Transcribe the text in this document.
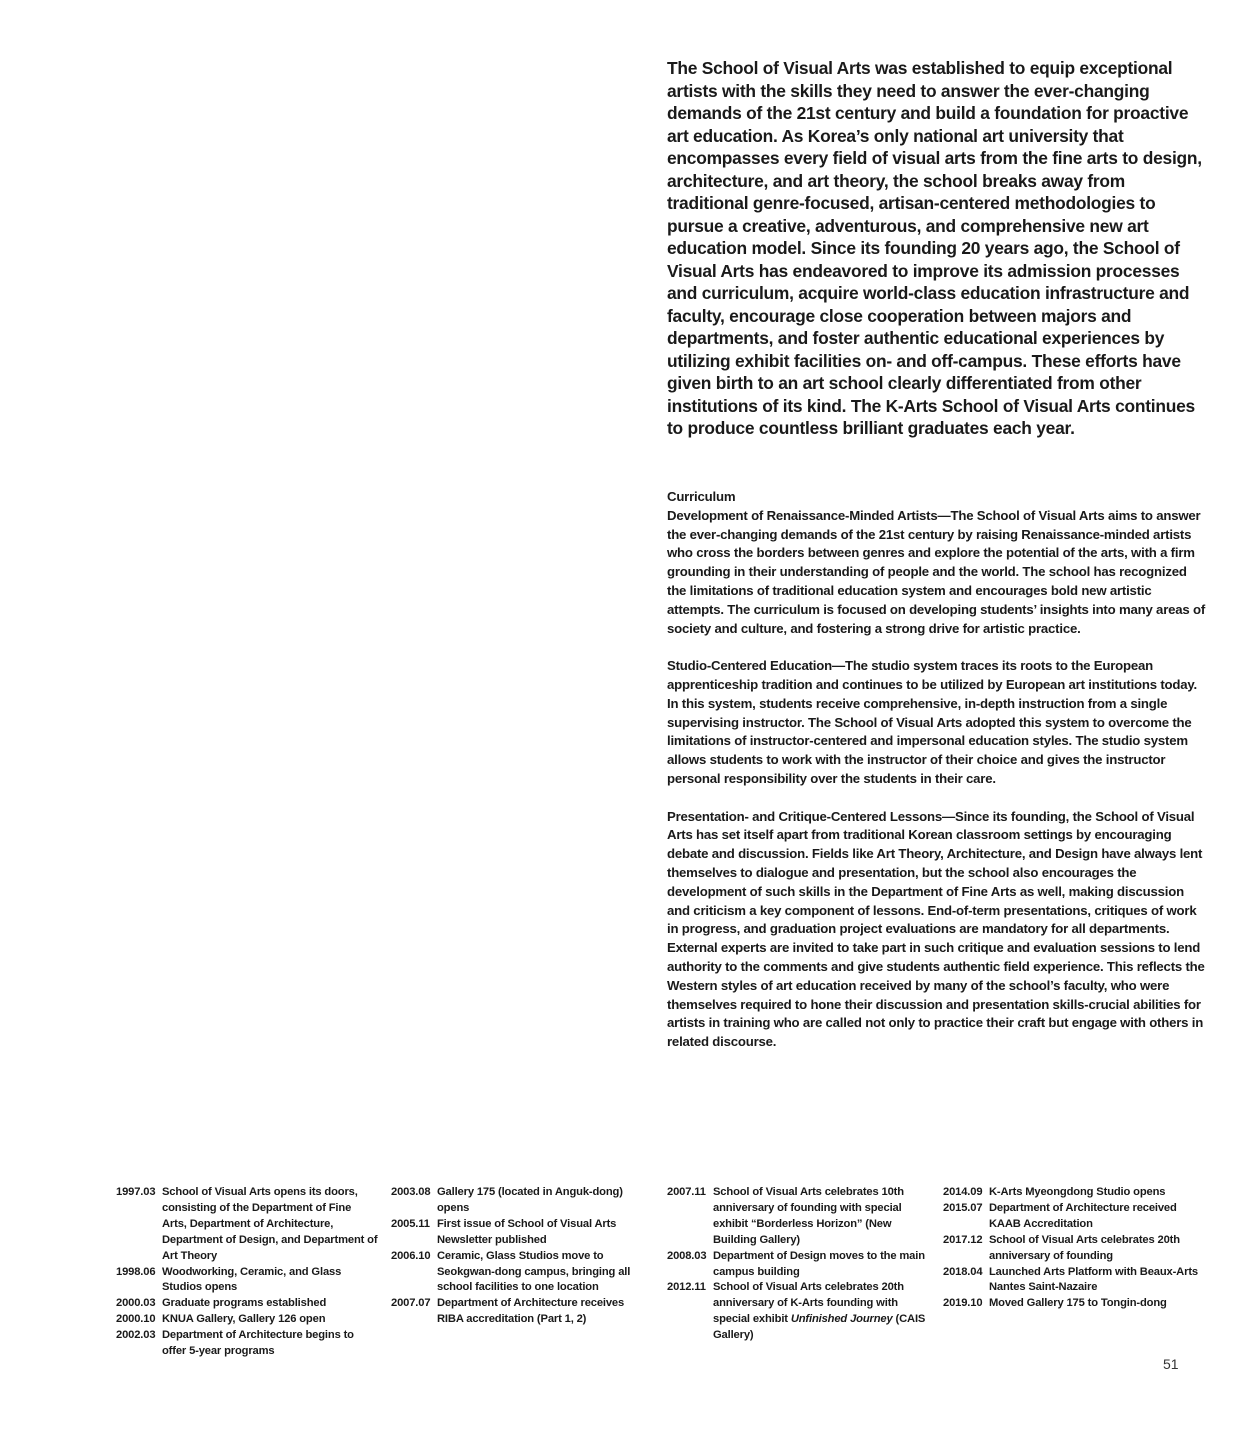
The School of Visual Arts was established to equip exceptional artists with the skills they need to answer the ever-changing demands of the 21st century and build a foundation for proactive art education. As Korea’s only national art university that encompasses every field of visual arts from the fine arts to design, architecture, and art theory, the school breaks away from traditional genre-focused, artisan-centered methodologies to pursue a creative, adventurous, and comprehensive new art education model. Since its founding 20 years ago, the School of Visual Arts has endeavored to improve its admission processes and curriculum, acquire world-class education infrastructure and faculty, encourage close cooperation between majors and departments, and foster authentic educational experiences by utilizing exhibit facilities on- and off-campus. These efforts have given birth to an art school clearly differentiated from other institutions of its kind. The K-Arts School of Visual Arts continues to produce countless brilliant graduates each year.

Curriculum

Development of Renaissance-Minded Artists—The School of Visual Arts aims to answer the ever-changing demands of the 21st century by raising Renaissance-minded artists who cross the borders between genres and explore the potential of the arts, with a firm grounding in their understanding of people and the world. The school has recognized the limitations of traditional education system and encourages bold new artistic attempts. The curriculum is focused on developing students’ insights into many areas of society and culture, and fostering a strong drive for artistic practice.

Studio-Centered Education—The studio system traces its roots to the European apprenticeship tradition and continues to be utilized by European art institutions today. In this system, students receive comprehensive, in-depth instruction from a single supervising instructor. The School of Visual Arts adopted this system to overcome the limitations of instructor-centered and impersonal education styles. The studio system allows students to work with the instructor of their choice and gives the instructor personal responsibility over the students in their care.

Presentation- and Critique-Centered Lessons—Since its founding, the School of Visual Arts has set itself apart from traditional Korean classroom settings by encouraging debate and discussion. Fields like Art Theory, Architecture, and Design have always lent themselves to dialogue and presentation, but the school also encourages the development of such skills in the Department of Fine Arts as well, making discussion and criticism a key component of lessons. End-of-term presentations, critiques of work in progress, and graduation project evaluations are mandatory for all departments. External experts are invited to take part in such critique and evaluation sessions to lend authority to the comments and give students authentic field experience. This reflects the Western styles of art education received by many of the school’s faculty, who were themselves required to hone their discussion and presentation skills-crucial abilities for artists in training who are called not only to practice their craft but engage with others in related discourse.

1997.03 School of Visual Arts opens its doors, consisting of the Department of Fine Arts, Department of Architecture, Department of Design, and Department of Art Theory
1998.06 Woodworking, Ceramic, and Glass Studios opens
2000.03 Graduate programs established
2000.10 KNUA Gallery, Gallery 126 open
2002.03 Department of Architecture begins to offer 5-year programs
2003.08 Gallery 175 (located in Anguk-dong) opens
2005.11 First issue of School of Visual Arts Newsletter published
2006.10 Ceramic, Glass Studios move to Seokgwan-dong campus, bringing all school facilities to one location
2007.07 Department of Architecture receives RIBA accreditation (Part 1, 2)
2007.11 School of Visual Arts celebrates 10th anniversary of founding with special exhibit “Borderless Horizon” (New Building Gallery)
2008.03 Department of Design moves to the main campus building
2012.11 School of Visual Arts celebrates 20th anniversary of K-Arts founding with special exhibit Unfinished Journey (CAIS Gallery)
2014.09 K-Arts Myeongdong Studio opens
2015.07 Department of Architecture received KAAB Accreditation
2017.12 School of Visual Arts celebrates 20th anniversary of founding
2018.04 Launched Arts Platform with Beaux-Arts Nantes Saint-Nazaire
2019.10 Moved Gallery 175 to Tongin-dong
51
